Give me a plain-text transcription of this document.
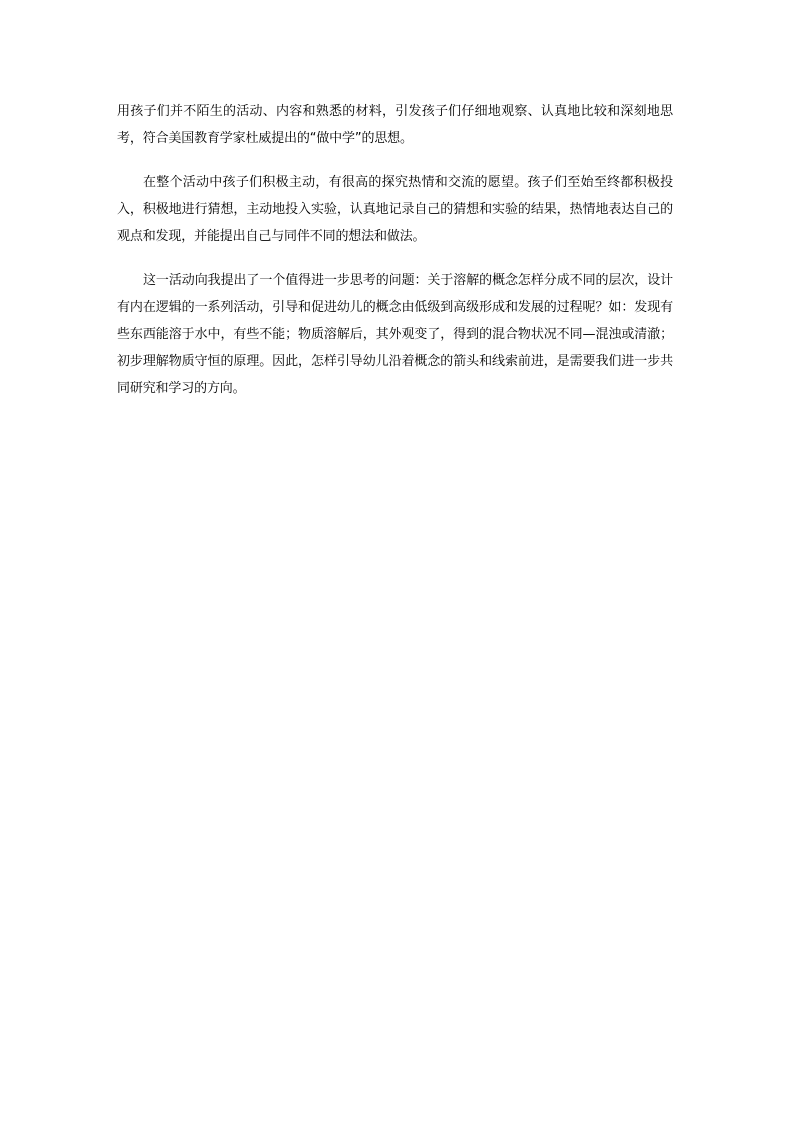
用孩子们并不陌生的活动、内容和熟悉的材料，引发孩子们仔细地观察、认真地比较和深刻地思考，符合美国教育学家杜威提出的“做中学”的思想。

在整个活动中孩子们积极主动，有很高的探究热情和交流的愿望。孩子们至始至终都积极投入，积极地进行猜想，主动地投入实验，认真地记录自己的猜想和实验的结果，热情地表达自己的观点和发现，并能提出自己与同伴不同的想法和做法。

这一活动向我提出了一个值得进一步思考的问题：关于溶解的概念怎样分成不同的层次，设计有内在逻辑的一系列活动，引导和促进幼儿的概念由低级到高级形成和发展的过程呢？如：发现有些东西能溶于水中，有些不能；物质溶解后，其外观变了，得到的混合物状况不同—混浊或清澈；初步理解物质守恒的原理。因此，怎样引导幼儿沿着概念的箭头和线索前进，是需要我们进一步共同研究和学习的方向。
